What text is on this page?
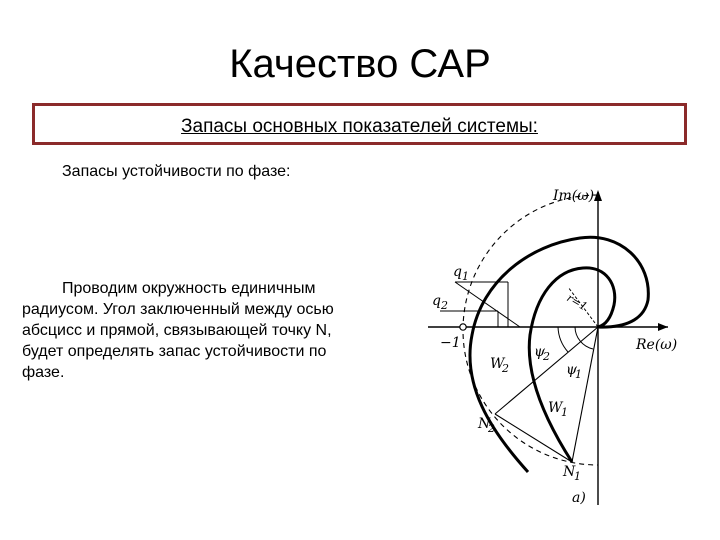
Качество САР
Запасы основных показателей системы:
Запасы устойчивости по фазе:
Проводим окружность единичным радиусом. Угол заключенный между осью абсцисс и прямой, связывающей точку N, будет определять запас устойчивости по фазе.
Im(ω)
Re(ω)
−1
r=1
q 1
q 2
W
2
W
1
ψ
2
ψ
1
N
2
N
1
a)
